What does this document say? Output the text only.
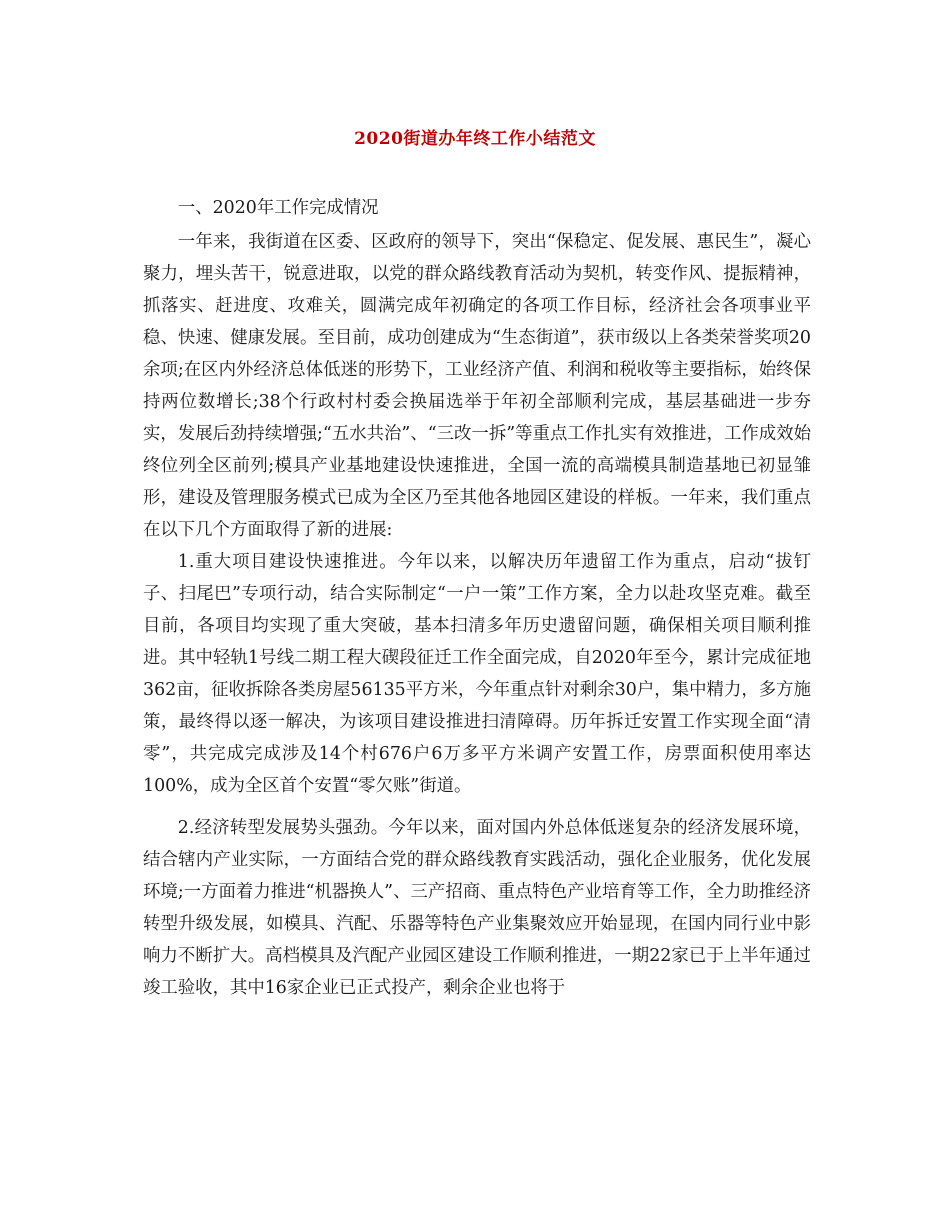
2020街道办年终工作小结范文

一、2020年工作完成情况

一年来，我街道在区委、区政府的领导下，突出“保稳定、促发展、惠民生”，凝心聚力，埋头苦干，锐意进取，以党的群众路线教育活动为契机，转变作风、提振精神，抓落实、赶进度、攻难关，圆满完成年初确定的各项工作目标，经济社会各项事业平稳、快速、健康发展。至目前，成功创建成为“生态街道”，获市级以上各类荣誉奖项20余项;在区内外经济总体低迷的形势下，工业经济产值、利润和税收等主要指标，始终保持两位数增长;38个行政村村委会换届选举于年初全部顺利完成，基层基础进一步夯实，发展后劲持续增强;“五水共治”、“三改一拆”等重点工作扎实有效推进，工作成效始终位列全区前列;模具产业基地建设快速推进，全国一流的高端模具制造基地已初显雏形，建设及管理服务模式已成为全区乃至其他各地园区建设的样板。一年来，我们重点在以下几个方面取得了新的进展:

1.重大项目建设快速推进。今年以来，以解决历年遗留工作为重点，启动“拔钉子、扫尾巴”专项行动，结合实际制定“一户一策”工作方案，全力以赴攻坚克难。截至目前，各项目均实现了重大突破，基本扫清多年历史遗留问题，确保相关项目顺利推进。其中轻轨1号线二期工程大碶段征迁工作全面完成，自2020年至今，累计完成征地362亩，征收拆除各类房屋56135平方米，今年重点针对剩余30户，集中精力，多方施策，最终得以逐一解决，为该项目建设推进扫清障碍。历年拆迁安置工作实现全面“清零”，共完成完成涉及14个村676户6万多平方米调产安置工作，房票面积使用率达100%，成为全区首个安置“零欠账”街道。

2.经济转型发展势头强劲。今年以来，面对国内外总体低迷复杂的经济发展环境，结合辖内产业实际，一方面结合党的群众路线教育实践活动，强化企业服务，优化发展环境;一方面着力推进“机器换人”、三产招商、重点特色产业培育等工作，全力助推经济转型升级发展，如模具、汽配、乐器等特色产业集聚效应开始显现，在国内同行业中影响力不断扩大。高档模具及汽配产业园区建设工作顺利推进，一期22家已于上半年通过竣工验收，其中16家企业已正式投产，剩余企业也将于
